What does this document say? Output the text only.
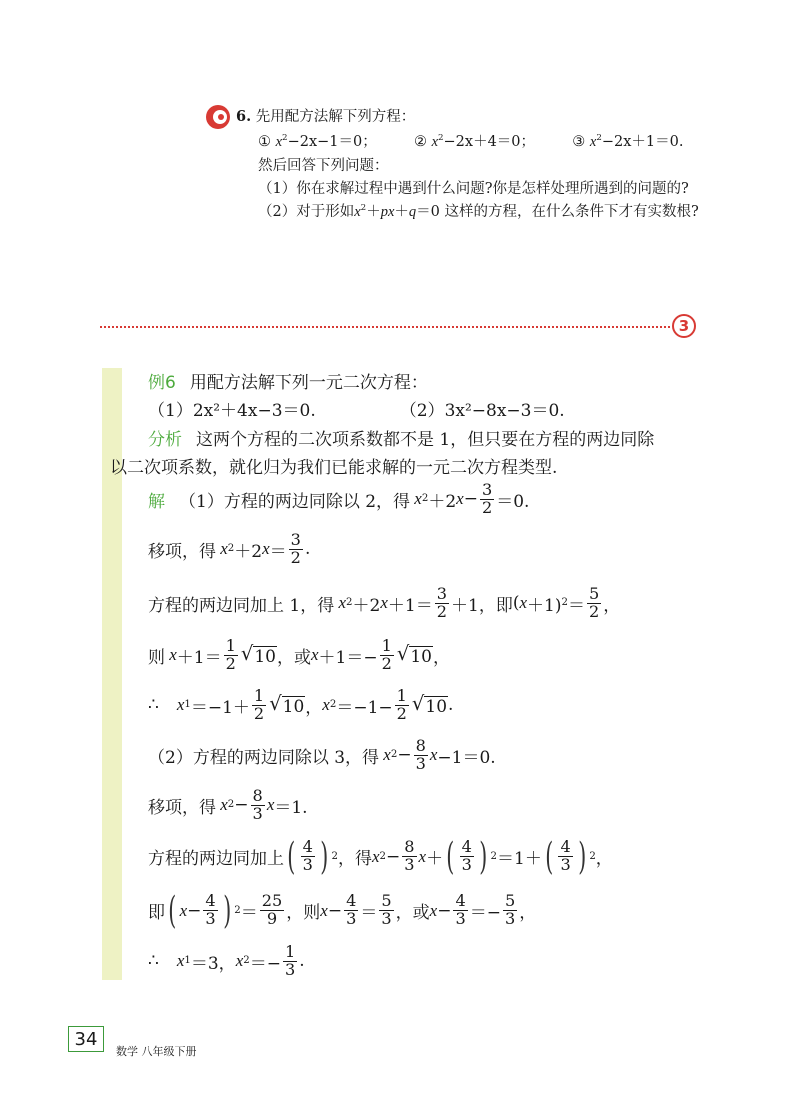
6. 先用配方法解下列方程：
① $x^2-2x-1=0$；	② $x^2-2x+4=0$；	③ $x^2-2x+1=0$.
然后回答下列问题：
（1）你在求解过程中遇到什么问题?你是怎样处理所遇到的问题的?
（2）对于形如$x^2+px+q=0$ 这样的方程，在什么条件下才有实数根?
3
例6 用配方法解下列一元二次方程：
（1） 2x²＋4x−3＝0.	（2） 3x²−8x−3＝0.
分析 这两个方程的二次项系数都不是 1，但只要在方程的两边同除
以二次项系数，就化归为我们已能求解的一元二次方程类型.
解 （1）方程的两边同除以 2，得 x 2 ＋2 $x - \frac{3}{2} =0$.
移项，得 x 2 ＋2 $x = \frac{3}{2}$ .
方程的两边同加上 1，得 x 2 ＋2 $x +1= \frac{3}{2} +1$ ，即 ( x ＋1) $2 = \frac{5}{2}$ ，
则 $x +1= \frac{1}{2}$ √ 10 ，或 $x +1=- \frac{1}{2}$ √ 10 ，
∴ x $1 =-1+ \frac{1}{2}$ √ 10 ， x $2 =-1- \frac{1}{2}$ √ 10 .
（2）方程的两边同除以 3，得 x $2 - \frac{8}{3}$ x −1＝0.
移项，得 x $2 - \frac{8}{3}$ x ＝1.
方程的两边同加上 ( $\frac{4}{3}$ ) 2 ，得 x $2 - \frac{8}{3}$ x ＋ ( $\frac{4}{3}$ ) 2 ＝1＋ ( $\frac{4}{3}$ ) 2 ，
即 ( $x - \frac{4}{3}$ ) $2 = \frac{25}{9}$ ，则 $x - \frac{4}{3} = \frac{5}{3}$ ，或 $x - \frac{4}{3} =- \frac{5}{3}$ ，
∴ x 1 ＝3， x $2 =- \frac{1}{3}$ .
34
数学 八年级下册
